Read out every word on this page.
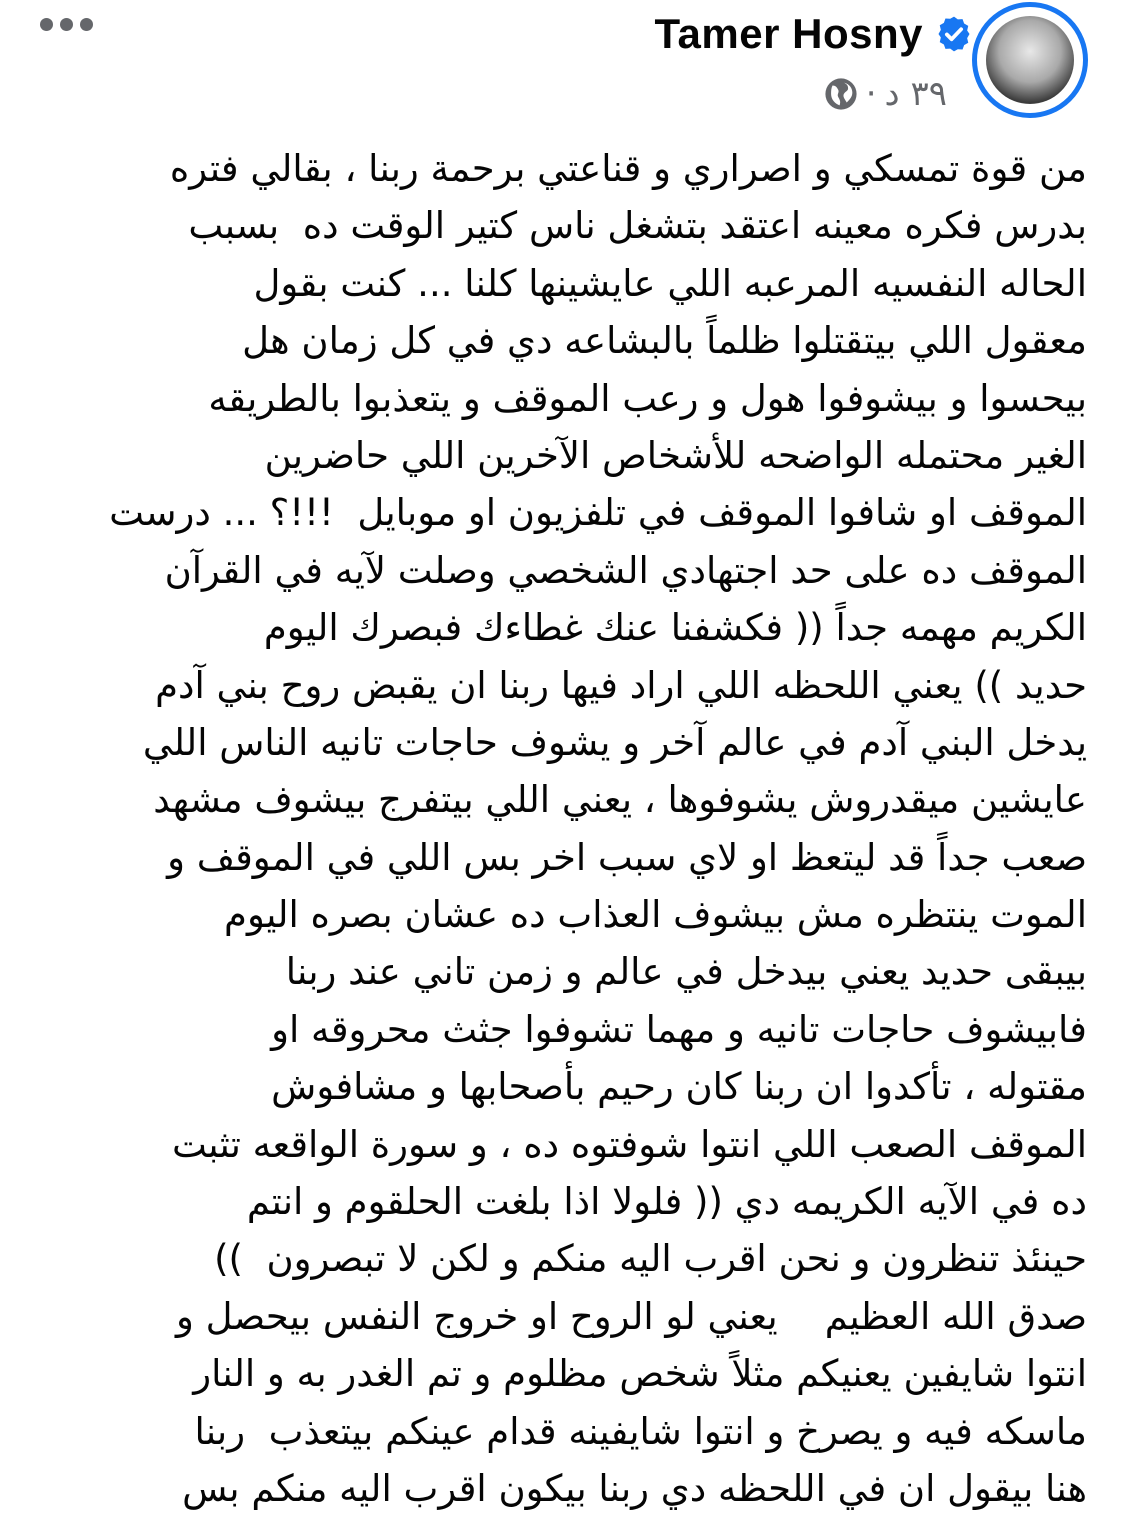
Tamer Hosny
· ٣٩ د
من قوة تمسكي و اصراري و قناعتي برحمة ربنا ، بقالي فتره
بدرس فكره معينه اعتقد بتشغل ناس كتير الوقت ده  بسبب
الحاله النفسيه المرعبه اللي عايشينها كلنا ... كنت بقول
معقول اللي بيتقتلوا ظلماً بالبشاعه دي في كل زمان هل
بيحسوا و بيشوفوا هول و رعب الموقف و يتعذبوا بالطريقه
الغير محتمله الواضحه للأشخاص الآخرين اللي حاضرين
الموقف او شافوا الموقف في تلفزيون او موبايل  !!!؟ ... درست
الموقف ده على حد اجتهادي الشخصي وصلت لآيه في القرآن
الكريم مهمه جداً (( فكشفنا عنك غطاءك فبصرك اليوم
حديد )) يعني اللحظه اللي اراد فيها ربنا ان يقبض روح بني آدم
يدخل البني آدم في عالم آخر و يشوف حاجات تانيه الناس اللي
عايشين ميقدروش يشوفوها ، يعني اللي بيتفرج بيشوف مشهد
صعب جداً قد ليتعظ او لاي سبب اخر بس اللي في الموقف و
الموت ينتظره مش بيشوف العذاب ده عشان بصره اليوم
بيبقى حديد يعني بيدخل في عالم و زمن تاني عند ربنا
فابيشوف حاجات تانيه و مهما تشوفوا جثث محروقه او
مقتوله ، تأكدوا ان ربنا كان رحيم بأصحابها و مشافوش
الموقف الصعب اللي انتوا شوفتوه ده ، و سورة الواقعه تثبت
ده في الآيه الكريمه دي (( فلولا اذا بلغت الحلقوم و انتم
حينئذ تنظرون و نحن اقرب اليه منكم و لكن لا تبصرون  ))
صدق الله العظيم    يعني لو الروح او خروج النفس بيحصل و
انتوا شايفين يعنيكم مثلاً شخص مظلوم و تم الغدر به و النار
ماسكه فيه و يصرخ و انتوا شايفينه قدام عينكم بيتعذب  ربنا
هنا بيقول ان في اللحظه دي ربنا بيكون اقرب اليه منكم بس
